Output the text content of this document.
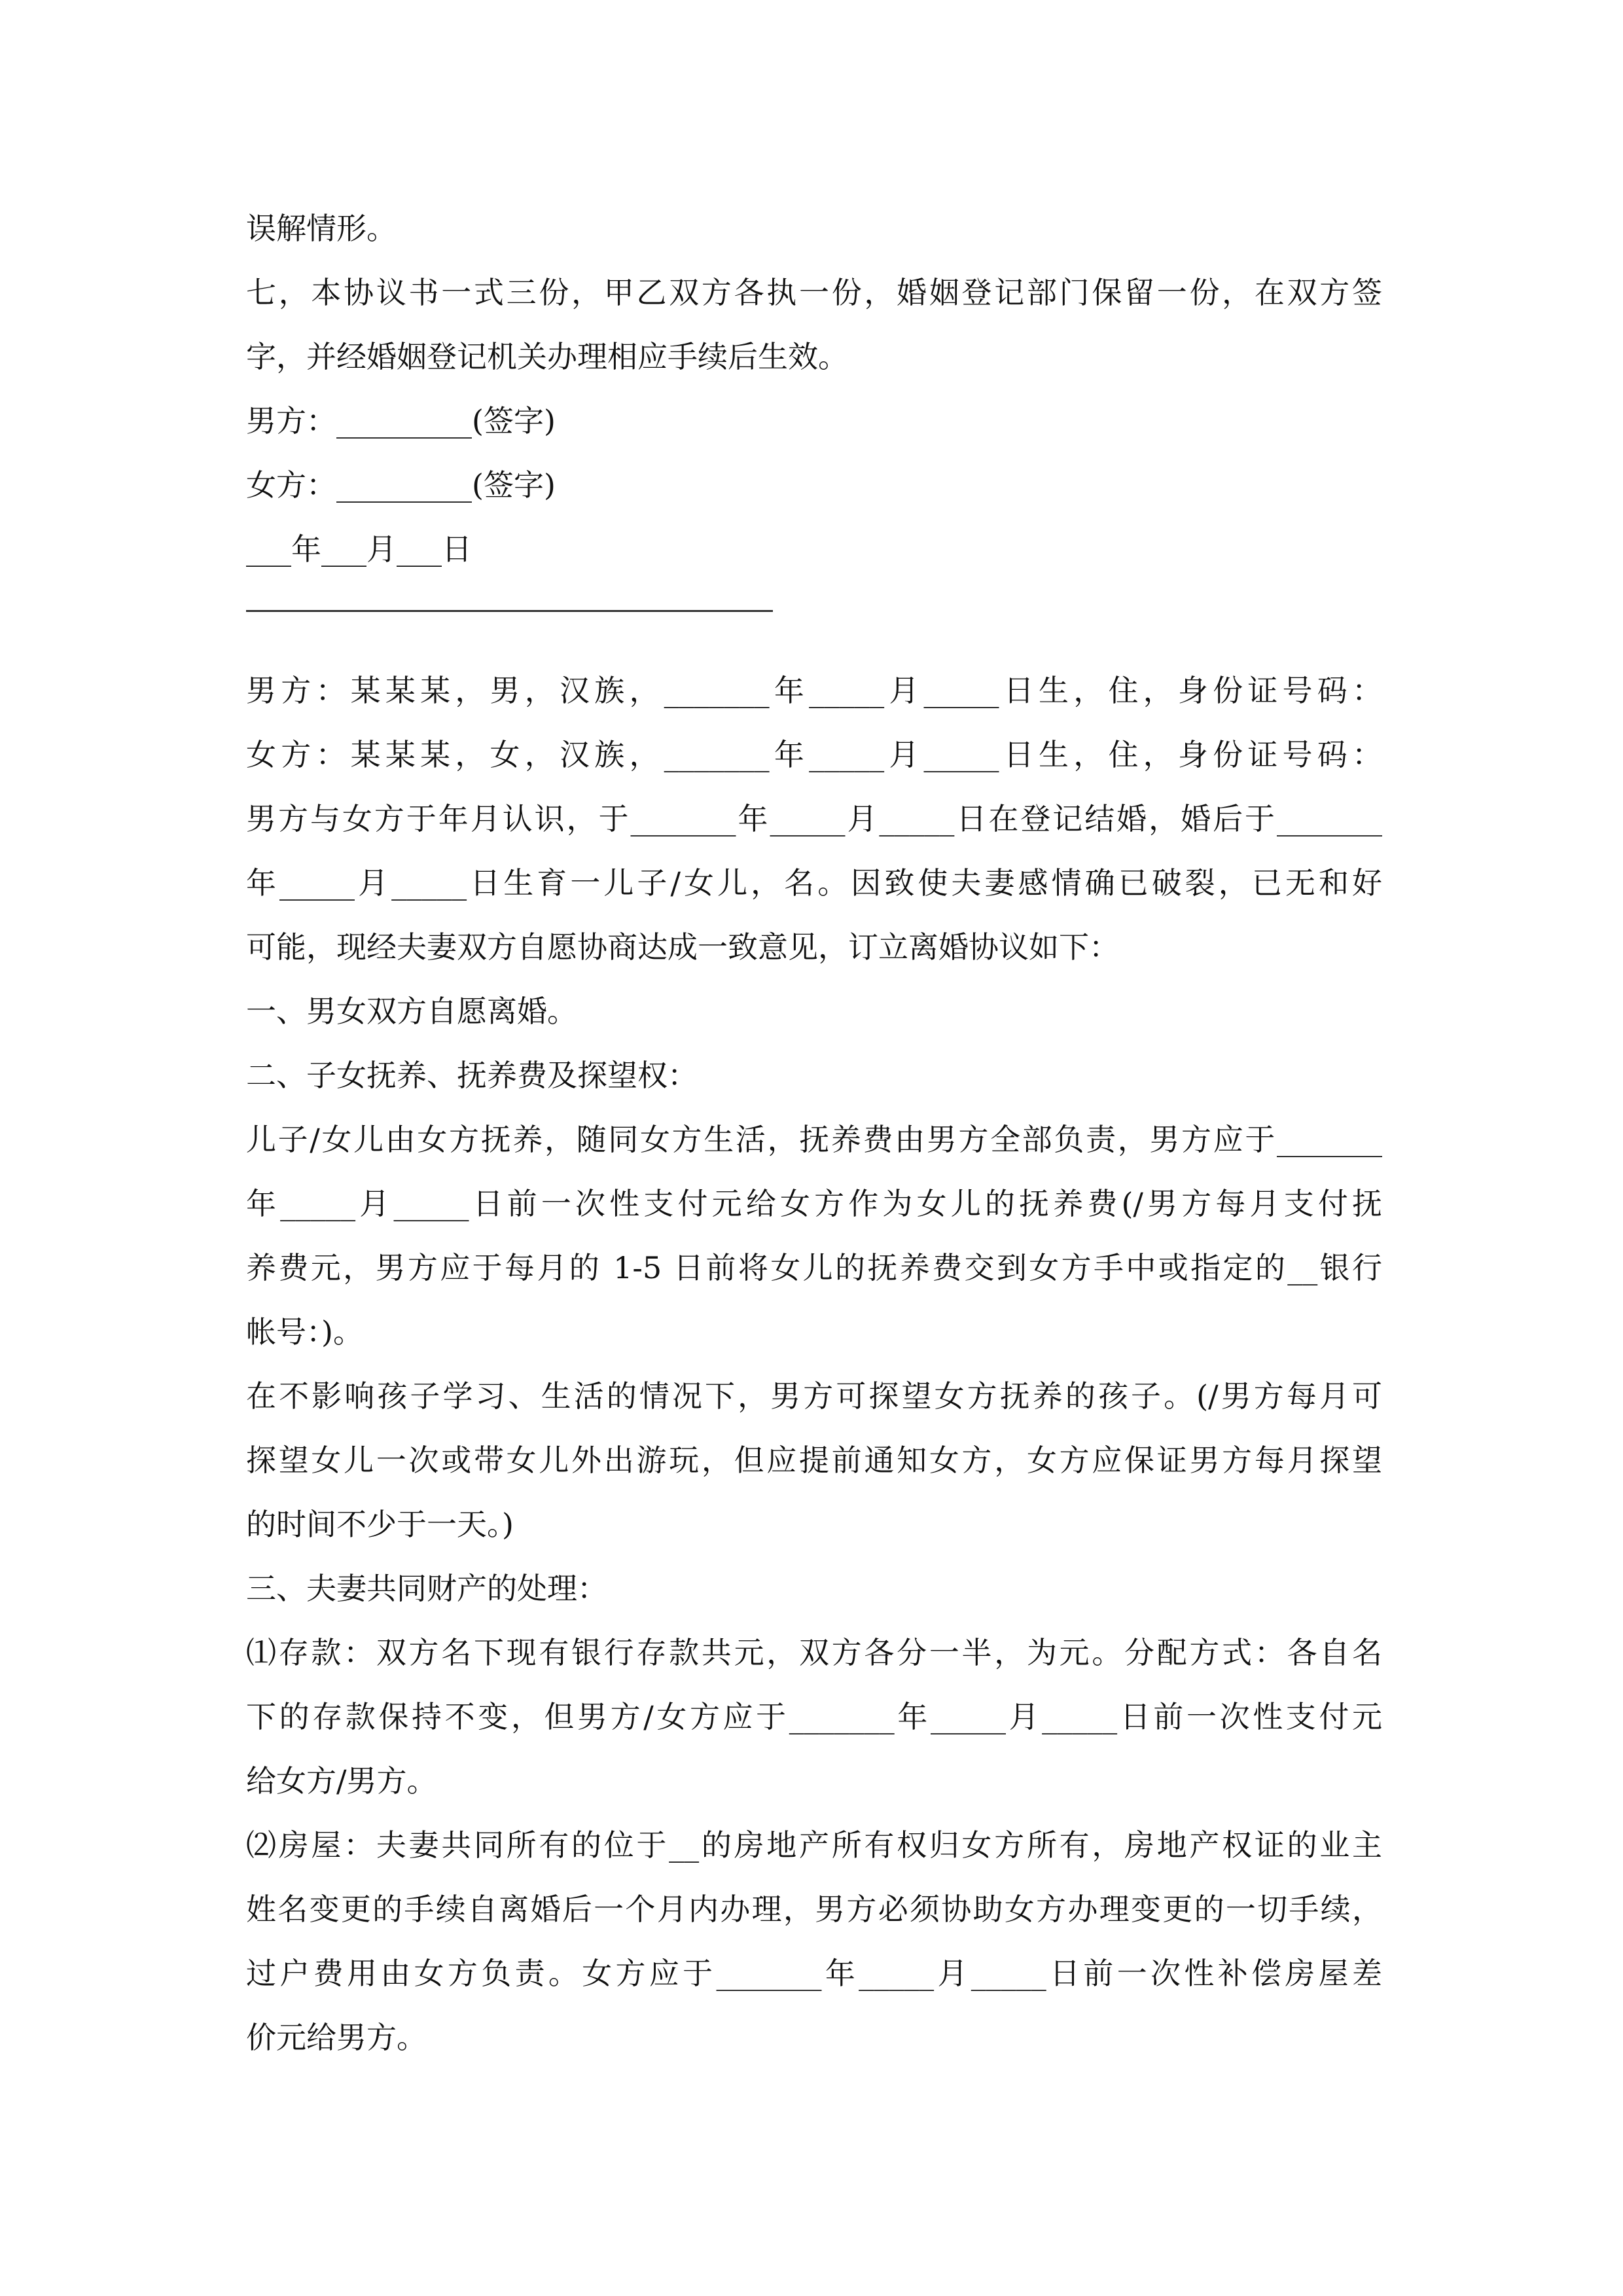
误解情形。
七，本协议书一式三份，甲乙双方各执一份，婚姻登记部门保留一份，在双方签
字，并经婚姻登记机关办理相应手续后生效。
男方：_________(签字)
女方：_________(签字)
___年___月___日
男方：某某某，男，汉族，_______年_____月_____日生，住，身份证号码：
女方：某某某，女，汉族，_______年_____月_____日生，住，身份证号码：
男方与女方于年月认识，于_______年_____月_____日在登记结婚，婚后于_______
年_____月_____日生育一儿子/女儿，名。因致使夫妻感情确已破裂，已无和好
可能，现经夫妻双方自愿协商达成一致意见，订立离婚协议如下：
一、男女双方自愿离婚。
二、子女抚养、抚养费及探望权：
儿子/女儿由女方抚养，随同女方生活，抚养费由男方全部负责，男方应于_______
年_____月_____日前一次性支付元给女方作为女儿的抚养费(/男方每月支付抚
养费元，男方应于每月的 1-5 日前将女儿的抚养费交到女方手中或指定的__银行
帐号：)。
在不影响孩子学习、生活的情况下，男方可探望女方抚养的孩子。(/男方每月可
探望女儿一次或带女儿外出游玩，但应提前通知女方，女方应保证男方每月探望
的时间不少于一天。)
三、夫妻共同财产的处理：
⑴存款：双方名下现有银行存款共元，双方各分一半，为元。分配方式：各自名
下的存款保持不变，但男方/女方应于_______年_____月_____日前一次性支付元
给女方/男方。
⑵房屋：夫妻共同所有的位于__的房地产所有权归女方所有，房地产权证的业主
姓名变更的手续自离婚后一个月内办理，男方必须协助女方办理变更的一切手续，
过户费用由女方负责。女方应于_______年_____月_____日前一次性补偿房屋差
价元给男方。
